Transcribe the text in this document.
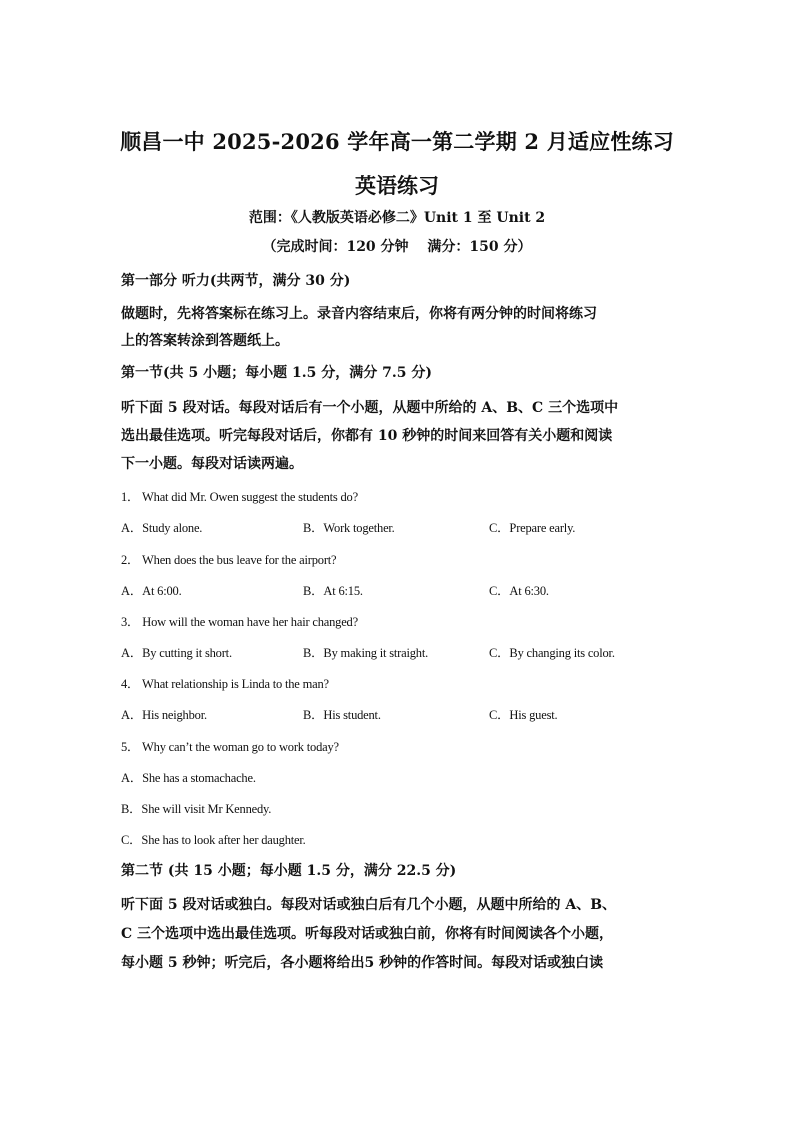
顺昌一中 2025-2026 学年高一第二学期 2 月适应性练习
英语练习
范围：《人教版英语必修二》Unit 1 至 Unit 2
（完成时间：120 分钟　 满分：150 分）
第一部分 听力(共两节，满分 30 分)
做题时，先将答案标在练习上。录音内容结束后，你将有两分钟的时间将练习
上的答案转涂到答题纸上。
第一节(共 5 小题；每小题 1.5 分，满分 7.5 分)
听下面 5 段对话。每段对话后有一个小题，从题中所给的 A、B、C 三个选项中
选出最佳选项。听完每段对话后，你都有 10 秒钟的时间来回答有关小题和阅读
下一小题。每段对话读两遍。
1． What did Mr. Owen suggest the students do?
A．Study alone.	B．Work together.	C．Prepare early.
2． When does the bus leave for the airport?
A．At 6:00.	B．At 6:15.	C．At 6:30.
3． How will the woman have her hair changed?
A．By cutting it short.	B．By making it straight.	C．By changing its color.
4． What relationship is Linda to the man?
A．His neighbor.	B．His student.	C．His guest.
5． Why can’t the woman go to work today?
A．She has a stomachache.
B．She will visit Mr Kennedy.
C．She has to look after her daughter.
第二节 (共 15 小题；每小题 1.5 分，满分 22.5 分)
听下面 5 段对话或独白。每段对话或独白后有几个小题，从题中所给的 A、B、
C 三个选项中选出最佳选项。听每段对话或独白前，你将有时间阅读各个小题，
每小题 5 秒钟；听完后，各小题将给出5 秒钟的作答时间。每段对话或独白读
